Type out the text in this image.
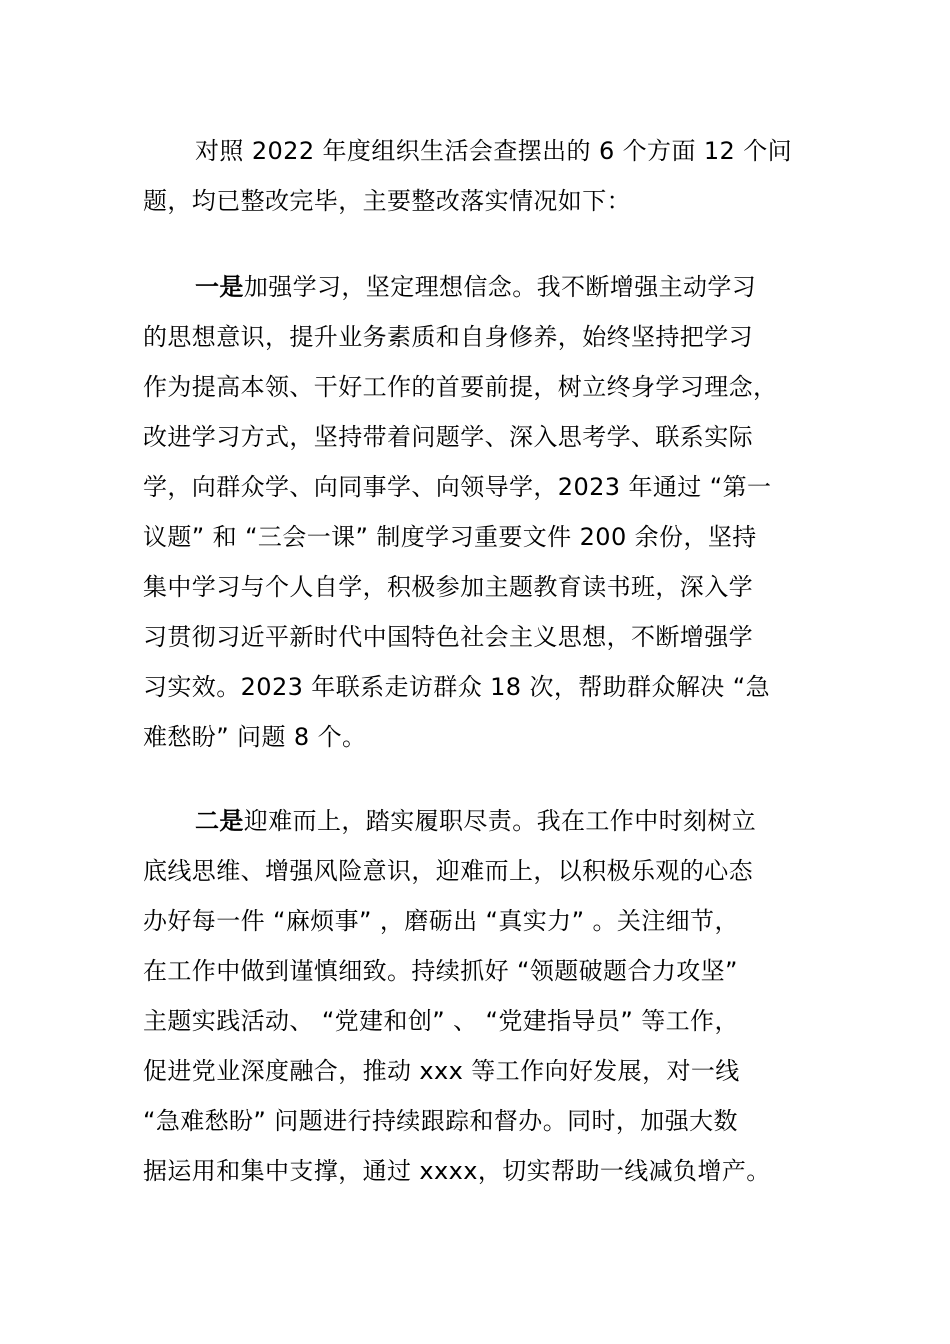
对照 2022 年度组织生活会查摆出的 6 个方面 12 个问
题，均已整改完毕，主要整改落实情况如下：
一是加强学习，坚定理想信念。我不断增强主动学习
的思想意识，提升业务素质和自身修养，始终坚持把学习
作为提高本领、干好工作的首要前提，树立终身学习理念，
改进学习方式，坚持带着问题学、深入思考学、联系实际
学，向群众学、向同事学、向领导学，2023 年通过 “第一
议题” 和 “三会一课” 制度学习重要文件 200 余份，坚持
集中学习与个人自学，积极参加主题教育读书班，深入学
习贯彻习近平新时代中国特色社会主义思想，不断增强学
习实效。2023 年联系走访群众 18 次，帮助群众解决 “急
难愁盼” 问题 8 个。
二是迎难而上，踏实履职尽责。我在工作中时刻树立
底线思维、增强风险意识，迎难而上，以积极乐观的心态
办好每一件 “麻烦事” ，磨砺出 “真实力” 。关注细节，
在工作中做到谨慎细致。持续抓好 “领题破题合力攻坚”
主题实践活动、 “党建和创” 、 “党建指导员” 等工作，
促进党业深度融合，推动 xxx 等工作向好发展，对一线
“急难愁盼” 问题进行持续跟踪和督办。同时，加强大数
据运用和集中支撑，通过 xxxx，切实帮助一线减负增产。
